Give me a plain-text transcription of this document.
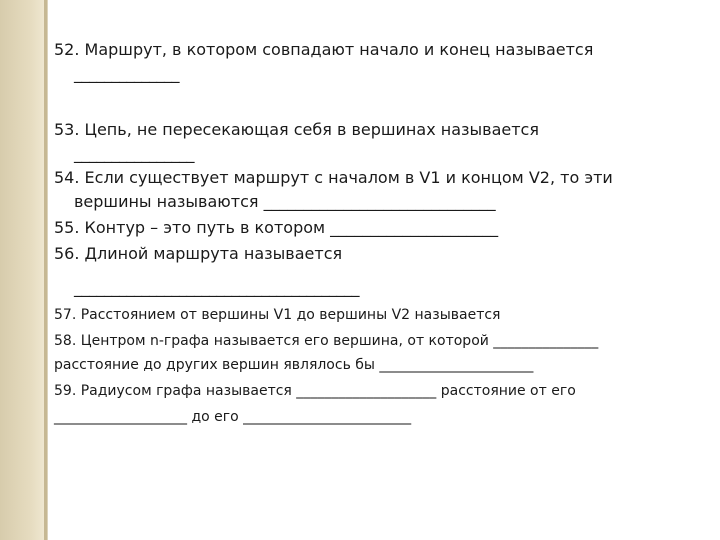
52. Маршрут, в котором совпадают начало и конец называется
______________
53. Цепь, не пересекающая себя в вершинах называется
________________
54. Если существует маршрут с началом в V1 и концом V2, то эти
вершины называются _____________________________
55. Контур – это путь в котором _____________________
56. Длиной маршрута называется
______________________________________
57. Расстоянием от вершины V1 до вершины V2 называется
58. Центром n-графа называется его вершина, от которой _______________
расстояние до других вершин являлось бы ______________________
59. Радиусом графа называется ____________________ расстояние от его
___________________ до его ________________________
